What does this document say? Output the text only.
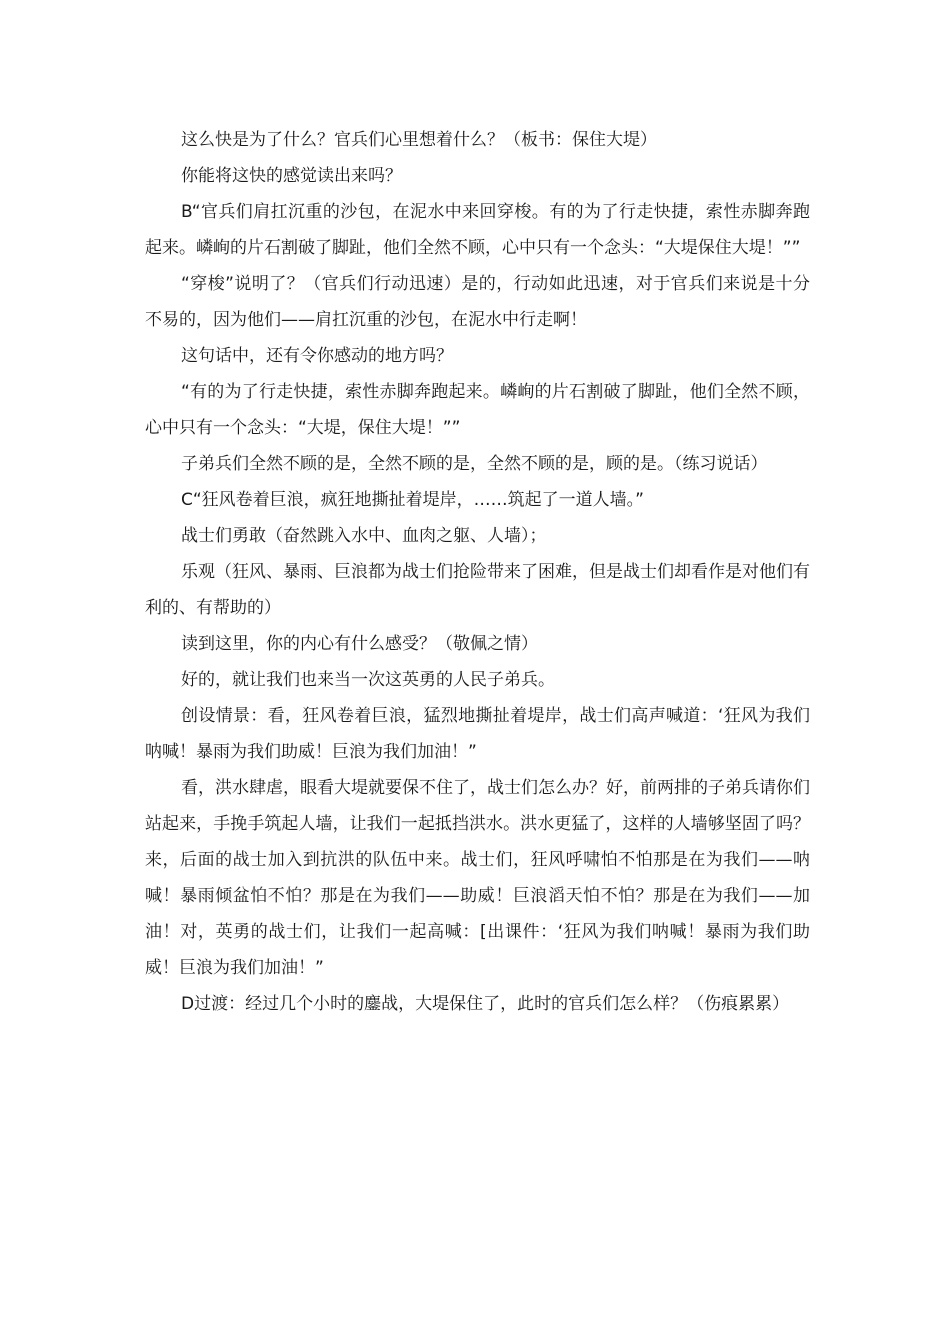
这么快是为了什么？官兵们心里想着什么？（板书：保住大堤）

你能将这快的感觉读出来吗？

B“官兵们肩扛沉重的沙包，在泥水中来回穿梭。有的为了行走快捷，索性赤脚奔跑起来。嶙峋的片石割破了脚趾，他们全然不顾，心中只有一个念头：“大堤保住大堤！””

“穿梭”说明了？（官兵们行动迅速）是的，行动如此迅速，对于官兵们来说是十分不易的，因为他们——肩扛沉重的沙包，在泥水中行走啊！

这句话中，还有令你感动的地方吗？

“有的为了行走快捷，索性赤脚奔跑起来。嶙峋的片石割破了脚趾，他们全然不顾，心中只有一个念头：“大堤，保住大堤！””

子弟兵们全然不顾的是，全然不顾的是，全然不顾的是，顾的是。（练习说话）

C“狂风卷着巨浪，疯狂地撕扯着堤岸，……筑起了一道人墙。”

战士们勇敢（奋然跳入水中、血肉之躯、人墙）；

乐观（狂风、暴雨、巨浪都为战士们抢险带来了困难，但是战士们却看作是对他们有利的、有帮助的）

读到这里，你的内心有什么感受？（敬佩之情）

好的，就让我们也来当一次这英勇的人民子弟兵。

创设情景：看，狂风卷着巨浪，猛烈地撕扯着堤岸，战士们高声喊道：‘狂风为我们呐喊！暴雨为我们助威！巨浪为我们加油！”

看，洪水肆虐，眼看大堤就要保不住了，战士们怎么办？好，前两排的子弟兵请你们站起来，手挽手筑起人墙，让我们一起抵挡洪水。洪水更猛了，这样的人墙够坚固了吗？来，后面的战士加入到抗洪的队伍中来。战士们，狂风呼啸怕不怕那是在为我们——呐喊！暴雨倾盆怕不怕？那是在为我们——助威！巨浪滔天怕不怕？那是在为我们——加油！对，英勇的战士们，让我们一起高喊：[出课件：‘狂风为我们呐喊！暴雨为我们助威！巨浪为我们加油！”

D过渡：经过几个小时的鏖战，大堤保住了，此时的官兵们怎么样？（伤痕累累）
